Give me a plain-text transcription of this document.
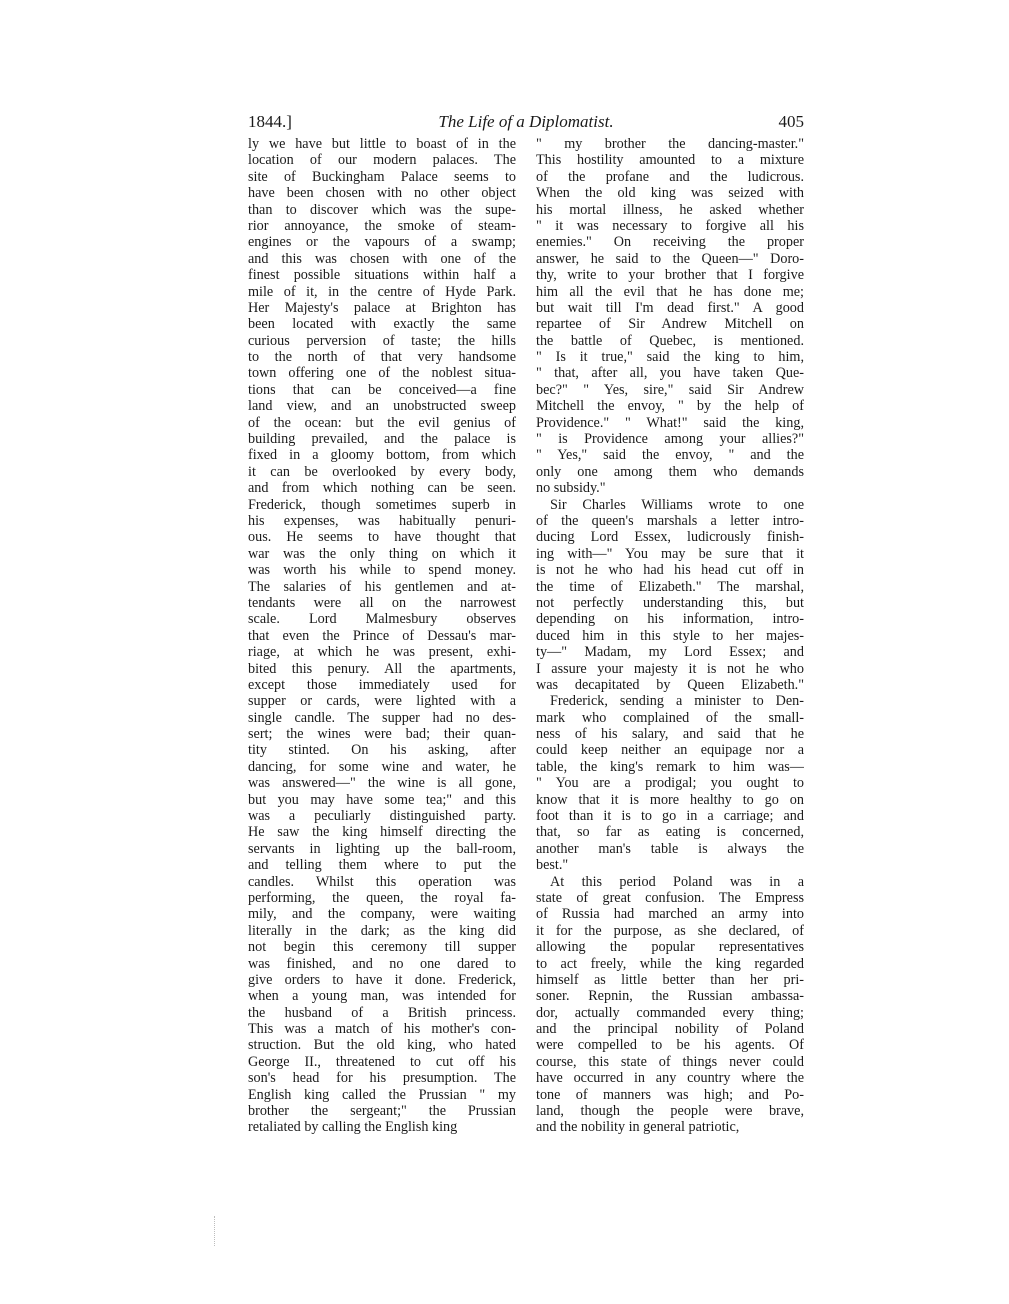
1844.]	The Life of a Diplomatist.	405
ly we have but little to boast of in the
location of our modern palaces. The
site of Buckingham Palace seems to
have been chosen with no other object
than to discover which was the supe-
rior annoyance, the smoke of steam-
engines or the vapours of a swamp;
and this was chosen with one of the
finest possible situations within half a
mile of it, in the centre of Hyde Park.
Her Majesty's palace at Brighton has
been located with exactly the same
curious perversion of taste; the hills
to the north of that very handsome
town offering one of the noblest situa-
tions that can be conceived—a fine
land view, and an unobstructed sweep
of the ocean: but the evil genius of
building prevailed, and the palace is
fixed in a gloomy bottom, from which
it can be overlooked by every body,
and from which nothing can be seen.
Frederick, though sometimes superb in
his expenses, was habitually penuri-
ous. He seems to have thought that
war was the only thing on which it
was worth his while to spend money.
The salaries of his gentlemen and at-
tendants were all on the narrowest
scale. Lord Malmesbury observes
that even the Prince of Dessau's mar-
riage, at which he was present, exhi-
bited this penury. All the apartments,
except those immediately used for
supper or cards, were lighted with a
single candle. The supper had no des-
sert; the wines were bad; their quan-
tity stinted. On his asking, after
dancing, for some wine and water, he
was answered—" the wine is all gone,
but you may have some tea;" and this
was a peculiarly distinguished party.
He saw the king himself directing the
servants in lighting up the ball-room,
and telling them where to put the
candles. Whilst this operation was
performing, the queen, the royal fa-
mily, and the company, were waiting
literally in the dark; as the king did
not begin this ceremony till supper
was finished, and no one dared to
give orders to have it done. Frederick,
when a young man, was intended for
the husband of a British princess.
This was a match of his mother's con-
struction. But the old king, who hated
George II., threatened to cut off his
son's head for his presumption. The
English king called the Prussian " my
brother the sergeant;" the Prussian
retaliated by calling the English king
" my brother the dancing-master."
This hostility amounted to a mixture
of the profane and the ludicrous.
When the old king was seized with
his mortal illness, he asked whether
" it was necessary to forgive all his
enemies." On receiving the proper
answer, he said to the Queen—" Doro-
thy, write to your brother that I forgive
him all the evil that he has done me;
but wait till I'm dead first." A good
repartee of Sir Andrew Mitchell on
the battle of Quebec, is mentioned.
" Is it true," said the king to him,
" that, after all, you have taken Que-
bec?" " Yes, sire," said Sir Andrew
Mitchell the envoy, " by the help of
Providence." " What!" said the king,
" is Providence among your allies?"
" Yes," said the envoy, " and the
only one among them who demands
no subsidy."
Sir Charles Williams wrote to one
of the queen's marshals a letter intro-
ducing Lord Essex, ludicrously finish-
ing with—" You may be sure that it
is not he who had his head cut off in
the time of Elizabeth." The marshal,
not perfectly understanding this, but
depending on his information, intro-
duced him in this style to her majes-
ty—" Madam, my Lord Essex; and
I assure your majesty it is not he who
was decapitated by Queen Elizabeth."
Frederick, sending a minister to Den-
mark who complained of the small-
ness of his salary, and said that he
could keep neither an equipage nor a
table, the king's remark to him was—
" You are a prodigal; you ought to
know that it is more healthy to go on
foot than it is to go in a carriage; and
that, so far as eating is concerned,
another man's table is always the
best."
At this period Poland was in a
state of great confusion. The Empress
of Russia had marched an army into
it for the purpose, as she declared, of
allowing the popular representatives
to act freely, while the king regarded
himself as little better than her pri-
soner. Repnin, the Russian ambassa-
dor, actually commanded every thing;
and the principal nobility of Poland
were compelled to be his agents. Of
course, this state of things never could
have occurred in any country where the
tone of manners was high; and Po-
land, though the people were brave,
and the nobility in general patriotic,
